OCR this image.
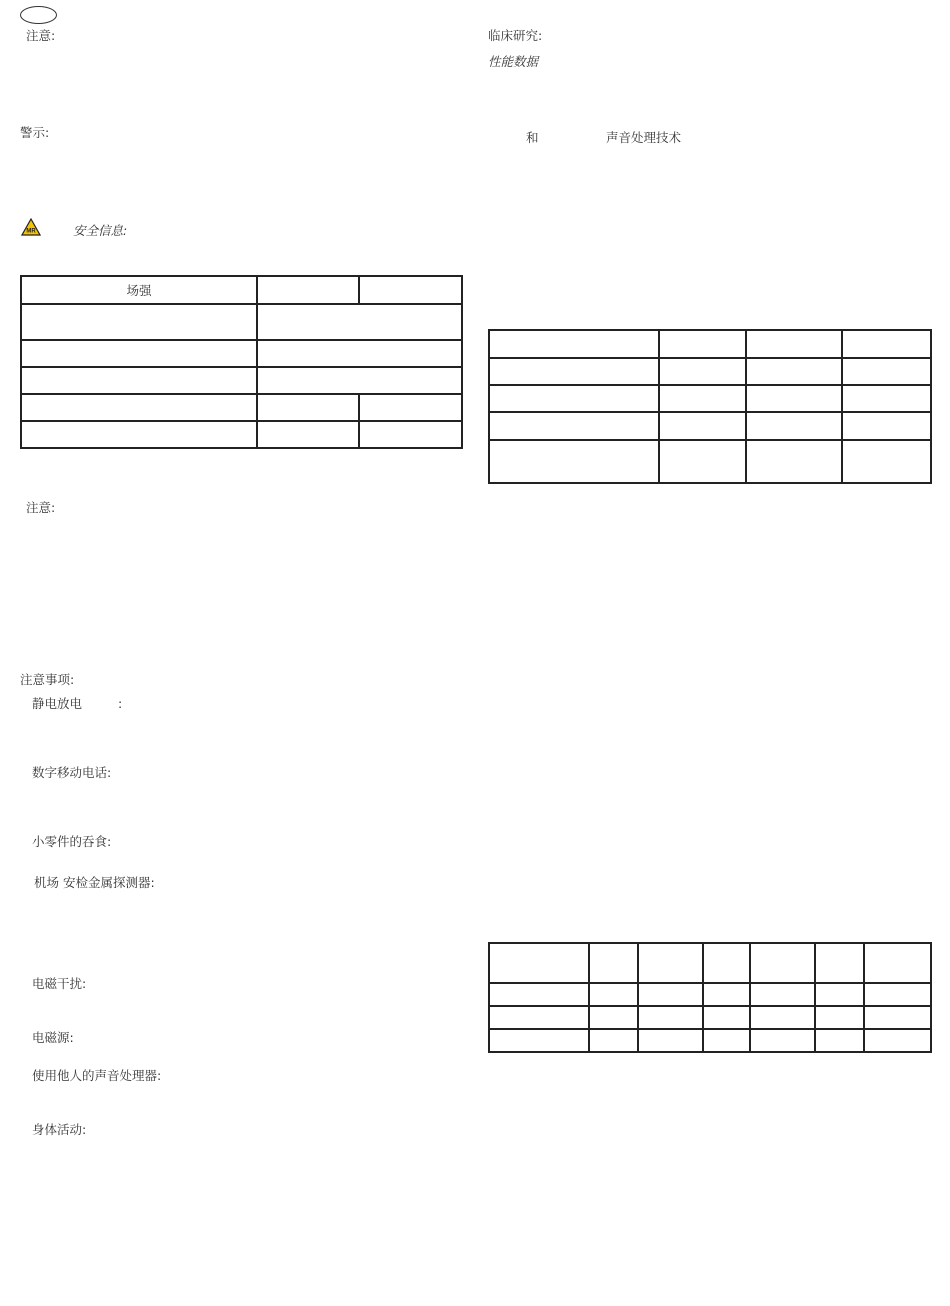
注意:
警示:
MR	安全信息:
场强		

注意:
注意事项:
静电放电	:
数字移动电话:
小零件的吞食:
机场 安检金属探测器:
电磁干扰:
电磁源:
使用他人的声音处理器:
身体活动:
临床研究:
性能数据
和	声音处理技术
